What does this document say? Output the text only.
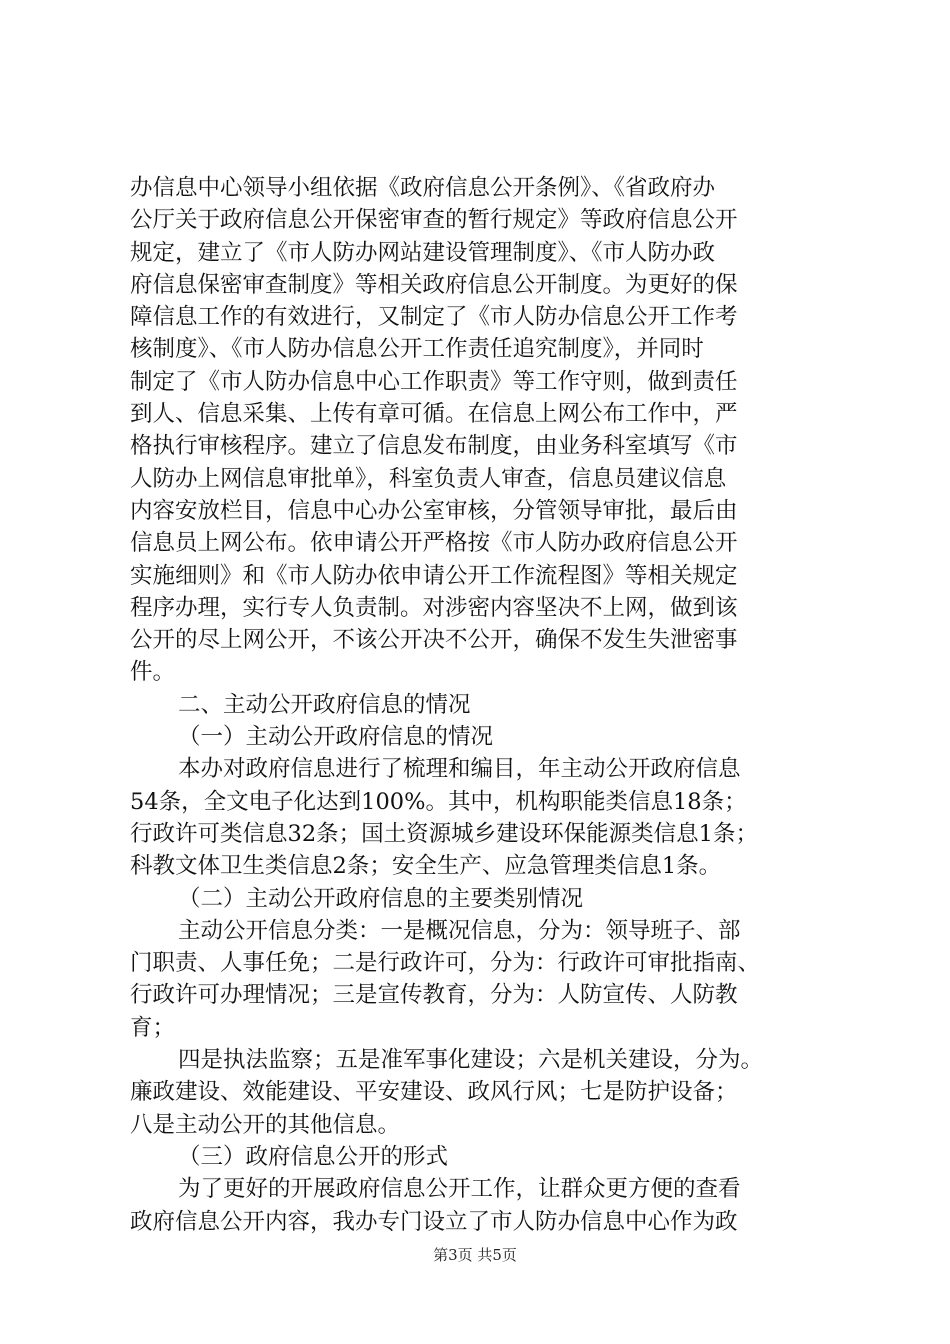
办信息中心领导小组依据《政府信息公开条例》、《省政府办
公厅关于政府信息公开保密审查的暂行规定》等政府信息公开
规定，建立了《市人防办网站建设管理制度》、《市人防办政
府信息保密审查制度》等相关政府信息公开制度。为更好的保
障信息工作的有效进行，又制定了《市人防办信息公开工作考
核制度》、《市人防办信息公开工作责任追究制度》，并同时
制定了《市人防办信息中心工作职责》等工作守则，做到责任
到人、信息采集、上传有章可循。在信息上网公布工作中，严
格执行审核程序。建立了信息发布制度，由业务科室填写《市
人防办上网信息审批单》，科室负责人审查，信息员建议信息
内容安放栏目，信息中心办公室审核，分管领导审批，最后由
信息员上网公布。依申请公开严格按《市人防办政府信息公开
实施细则》和《市人防办依申请公开工作流程图》等相关规定
程序办理，实行专人负责制。对涉密内容坚决不上网，做到该
公开的尽上网公开，不该公开决不公开，确保不发生失泄密事
件。
二、主动公开政府信息的情况
（一）主动公开政府信息的情况
本办对政府信息进行了梳理和编目，年主动公开政府信息
54条，全文电子化达到100%。其中，机构职能类信息18条；
行政许可类信息32条；国土资源城乡建设环保能源类信息1条；
科教文体卫生类信息2条；安全生产、应急管理类信息1条。
（二）主动公开政府信息的主要类别情况
主动公开信息分类：一是概况信息，分为：领导班子、部
门职责、人事任免；二是行政许可，分为：行政许可审批指南、
行政许可办理情况；三是宣传教育，分为：人防宣传、人防教
育；
四是执法监察；五是准军事化建设；六是机关建设，分为。
廉政建设、效能建设、平安建设、政风行风；七是防护设备；
八是主动公开的其他信息。
（三）政府信息公开的形式
为了更好的开展政府信息公开工作，让群众更方便的查看
政府信息公开内容，我办专门设立了市人防办信息中心作为政
第3页 共5页
